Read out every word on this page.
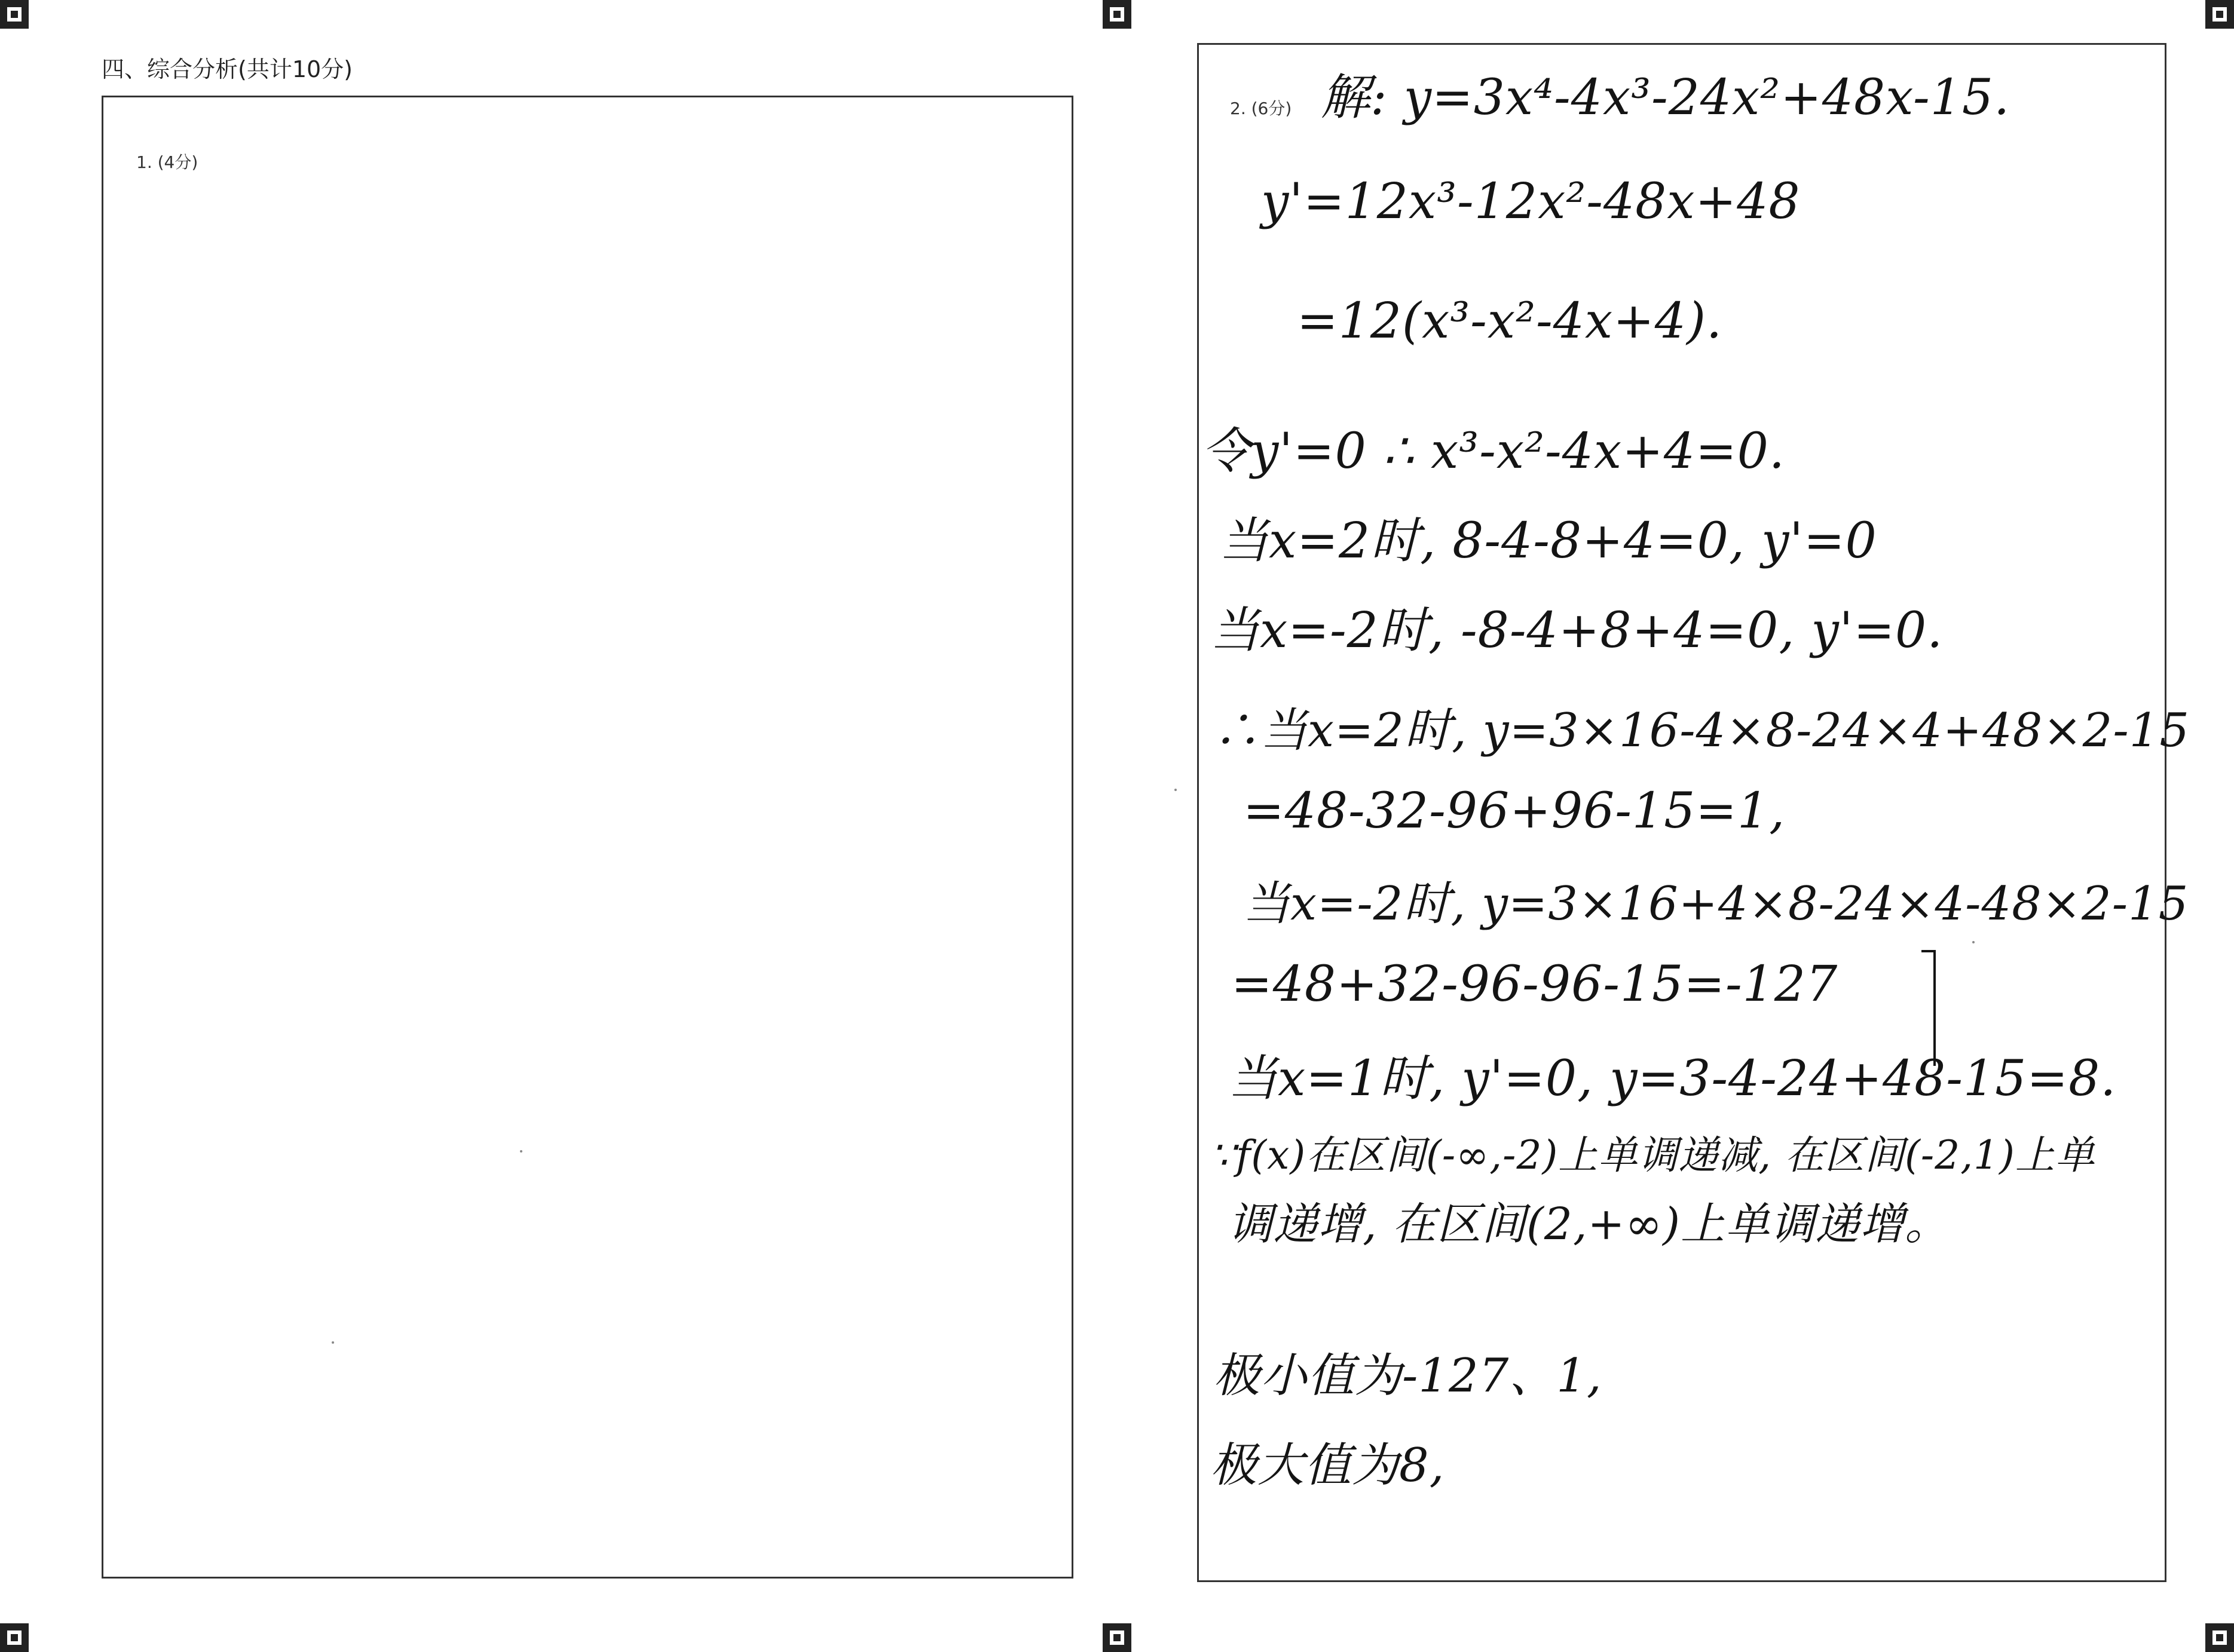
四、综合分析(共计10分)
1. (4分)
2. (6分) 解: y=3x⁴-4x³-24x²+48x-15.
y'=12x³-12x²-48x+48
=12(x³-x²-4x+4).
令y'=0 ∴ x³-x²-4x+4=0.
当x=2时, 8-4-8+4=0, y'=0
当x=-2时, -8-4+8+4=0, y'=0.
∴当x=2时, y=3×16-4×8-24×4+48×2-15
=48-32-96+96-15=1,
当x=-2时, y=3×16+4×8-24×4-48×2-15
=48+32-96-96-15=-127
当x=1时, y'=0, y=3-4-24+48-15=8.
∵f(x)在区间(-∞,-2)上单调递减, 在区间(-2,1)上单
调递增, 在区间(2,+∞)上单调递增。
极小值为-127、1,
极大值为8,
